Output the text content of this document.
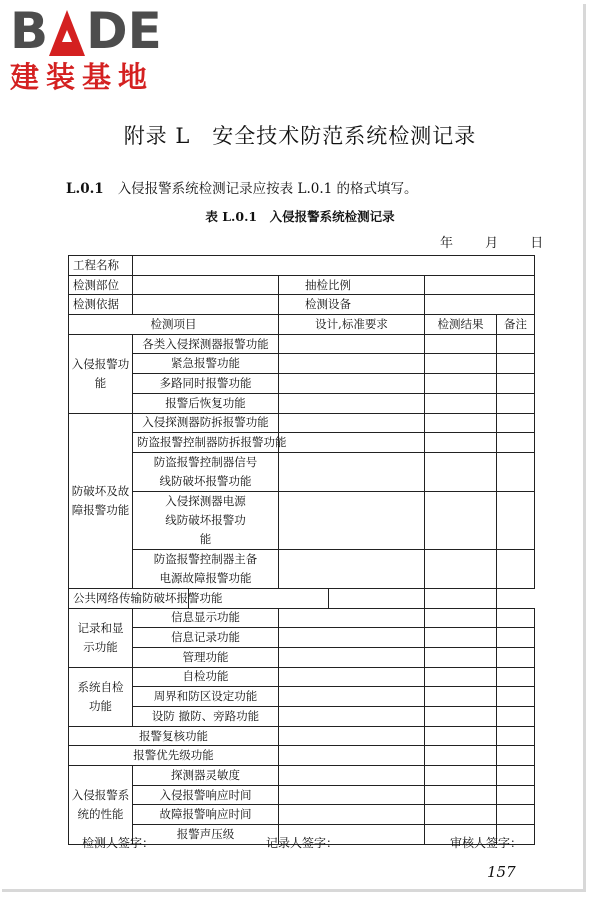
B DE
建装基地
附录 L　安全技术防范系统检测记录
L.0.1 入侵报警系统检测记录应按表 L.0.1 的格式填写。
表 L.0.1　入侵报警系统检测记录
年 月 日
工程名称						
检测部位			抽检比例			
检测依据			检测设备			
检测项目			设计,标准要求		检测结果	备注
入侵报警功能	各类入侵探测器报警功能					
	紧急报警功能					
	多路同时报警功能					
	报警后恢复功能					
防破坏及故障报警功能	入侵探测器防拆报警功能					
	防盗报警控制器防拆报警功能					
	防盗报警控制器信号线防破坏报警功能					

	入侵探测器电源线防破坏报警功能					

	防盗报警控制器主备电源故障报警功能					

公共网络传输防破坏报警功能						
记录和显示功能	信息显示功能					
	信息记录功能					
	管理功能					
系统自检功能	自检功能					
	周界和防区设定功能					
	设防 撤防、旁路功能					
报警复核功能						
报警优先级功能						
入侵报警系统的性能	探测器灵敏度					
	入侵报警响应时间					
	故障报警响应时间					
	报警声压级					
检测人签字：	记录人签字：	审核人签字：
157
